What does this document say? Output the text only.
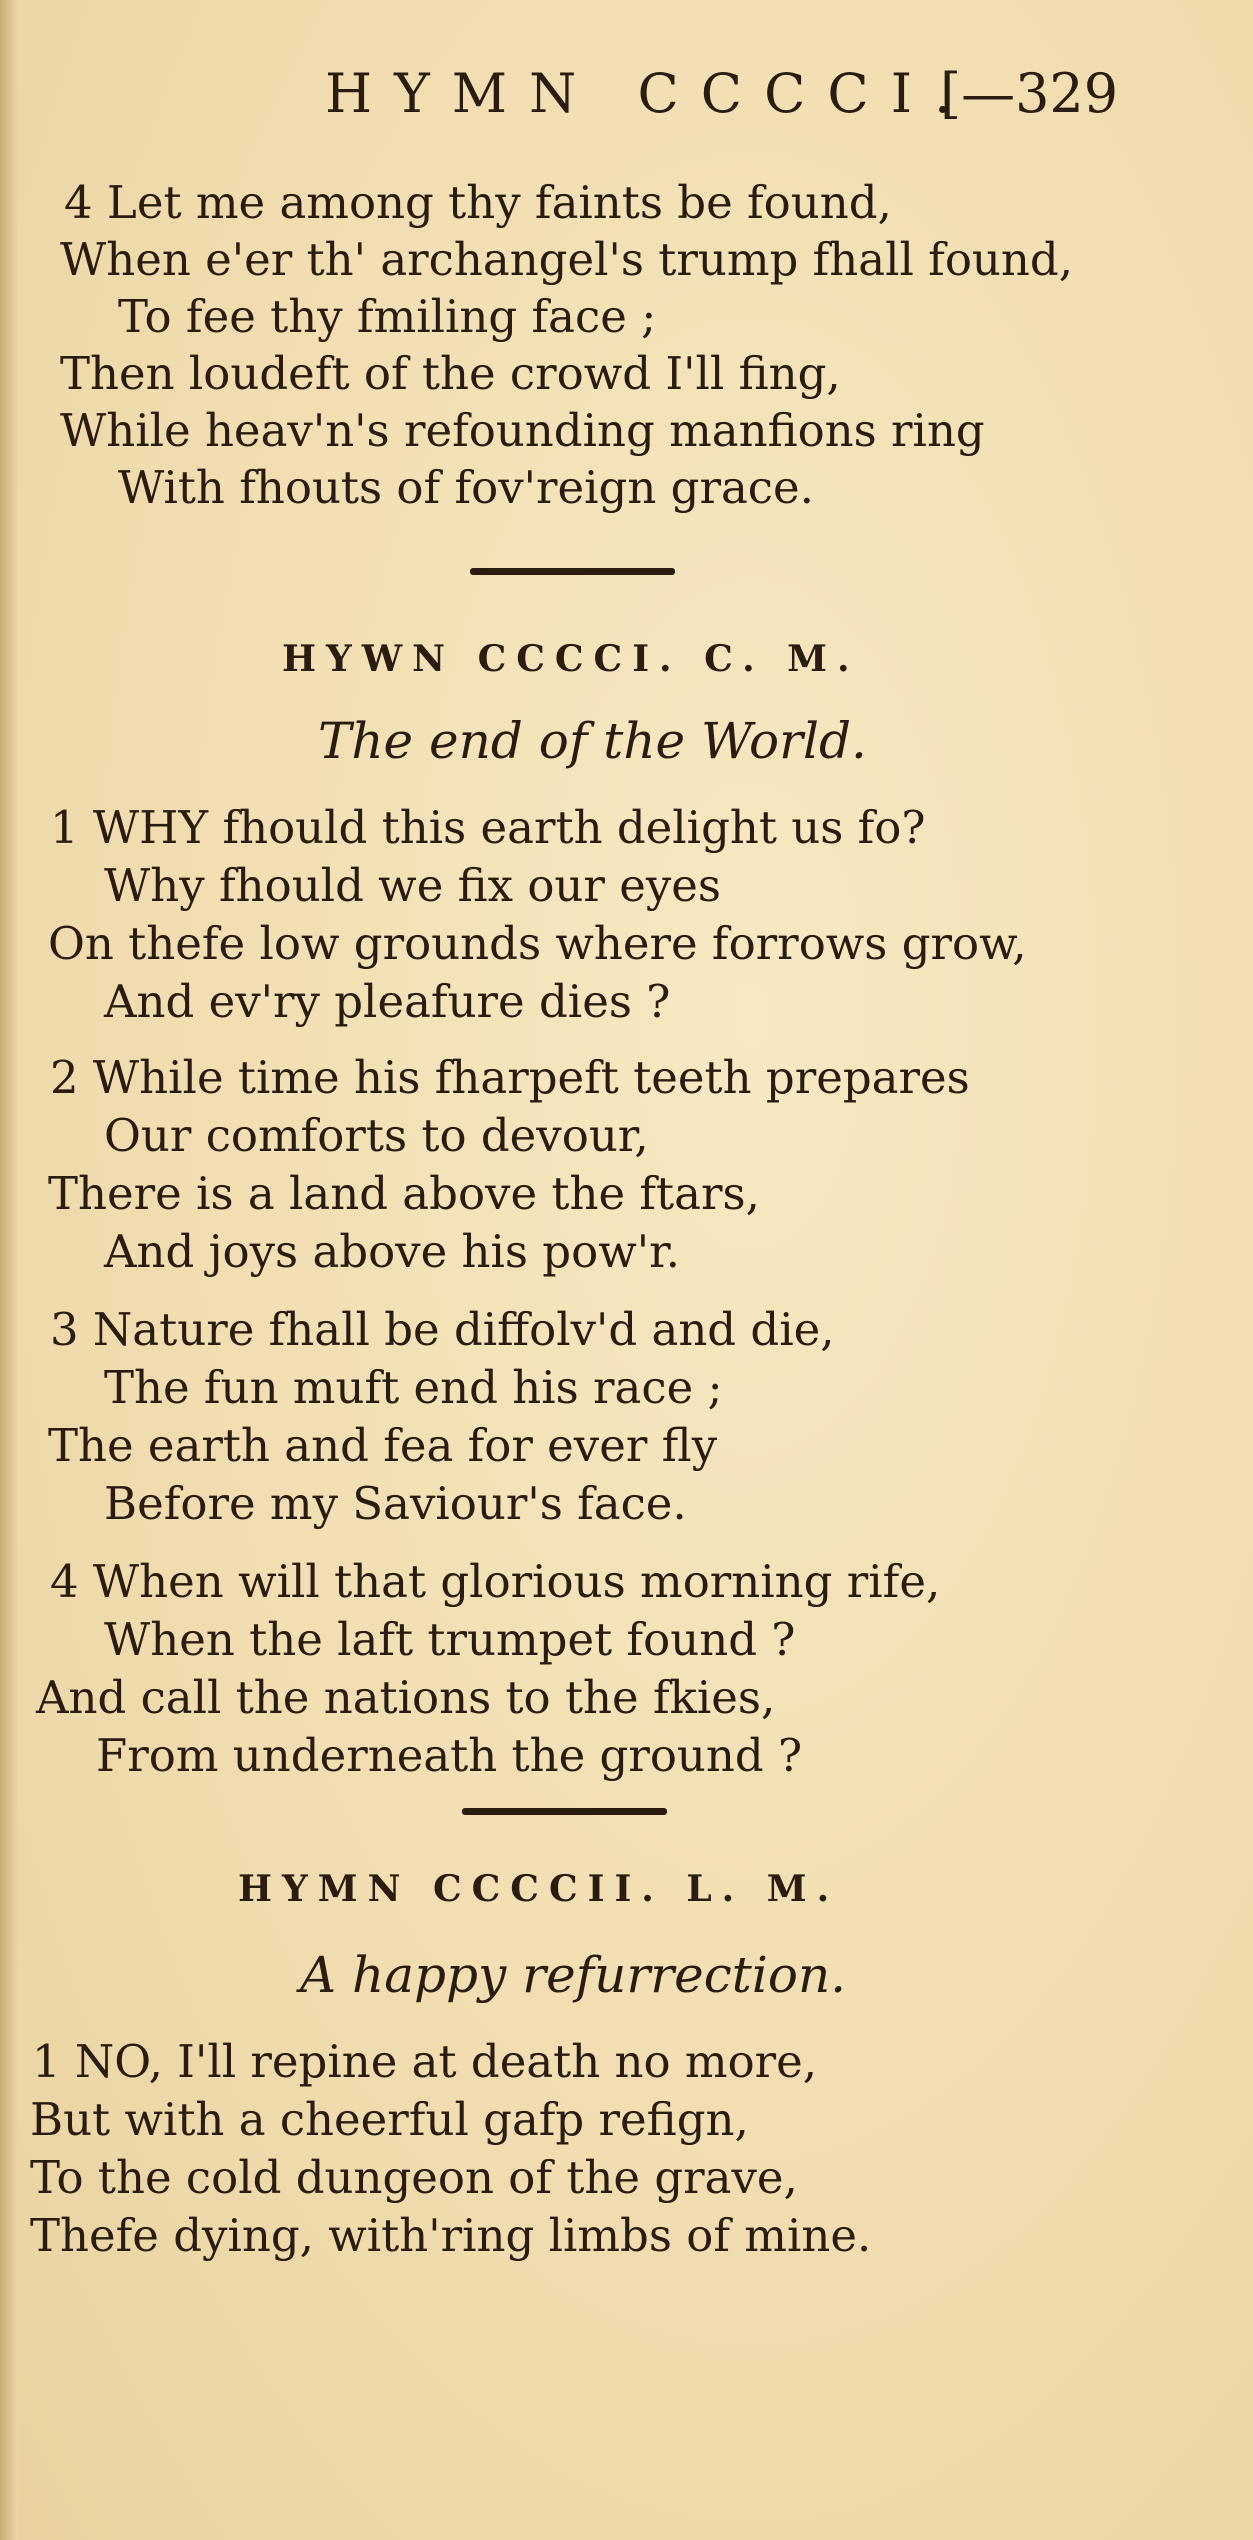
HYMN CCCCI.
[—329
4 Let me among thy faints be found,
When e'er th' archangel's trump fhall found,
To fee thy fmiling face ;
Then loudeft of the crowd I'll fing,
While heav'n's refounding manfions ring
With fhouts of fov'reign grace.
HYWN CCCCI. C. M.
The end of the World.
1 WHY fhould this earth delight us fo?
Why fhould we fix our eyes
On thefe low grounds where forrows grow,
And ev'ry pleafure dies ?
2 While time his fharpeft teeth prepares
Our comforts to devour,
There is a land above the ftars,
And joys above his pow'r.
3 Nature fhall be diffolv'd and die,
The fun muft end his race ;
The earth and fea for ever fly
Before my Saviour's face.
4 When will that glorious morning rife,
When the laft trumpet found ?
And call the nations to the fkies,
From underneath the ground ?
HYMN CCCCII. L. M.
A happy refurrection.
1 NO, I'll repine at death no more,
But with a cheerful gafp refign,
To the cold dungeon of the grave,
Thefe dying, with'ring limbs of mine.
